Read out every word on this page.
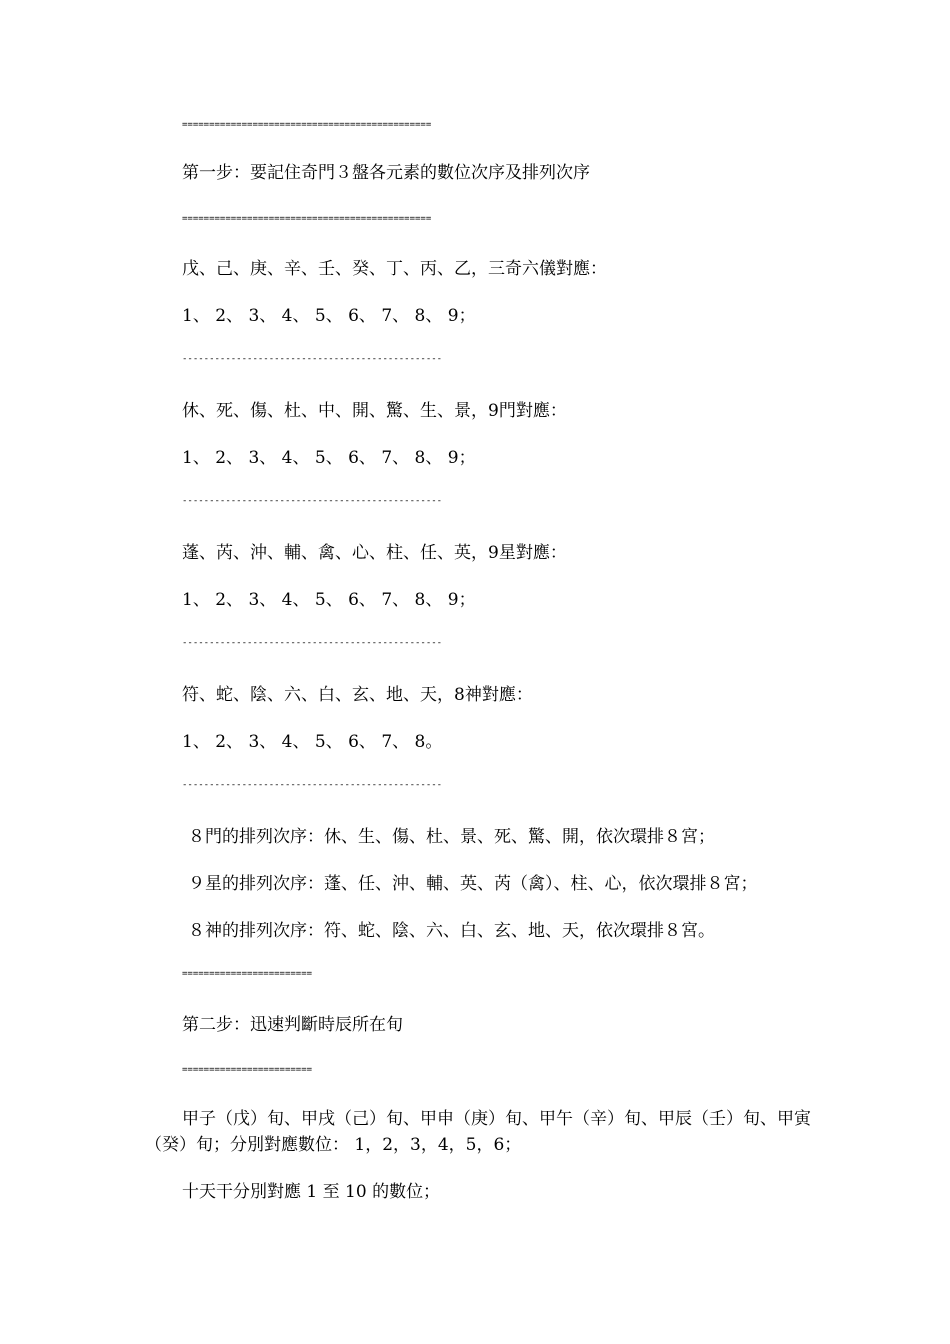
==============================================
第一步：要記住奇門３盤各元素的數位次序及排列次序
==============================================
戊、己、庚、辛、壬、癸、丁、丙、乙，三奇六儀對應：
1、 2、 3、 4、 5、 6、 7、 8、 9；
------------------------------------------------
休、死、傷、杜、中、開、驚、生、景，9門對應：
1、 2、 3、 4、 5、 6、 7、 8、 9；
------------------------------------------------
蓬、芮、沖、輔、禽、心、柱、任、英，9星對應：
1、 2、 3、 4、 5、 6、 7、 8、 9；
------------------------------------------------
符、蛇、陰、六、白、玄、地、天，8神對應：
1、 2、 3、 4、 5、 6、 7、 8。
------------------------------------------------
８門的排列次序：休、生、傷、杜、景、死、驚、開，依次環排８宮；
９星的排列次序：蓬、任、沖、輔、英、芮（禽）、柱、心，依次環排８宮；
８神的排列次序：符、蛇、陰、六、白、玄、地、天，依次環排８宮。
========================
第二步：迅速判斷時辰所在旬
========================
甲子（戊）旬、甲戌（己）旬、甲申（庚）旬、甲午（辛）旬、甲辰（壬）旬、甲寅（癸）旬；分別對應數位： 1，2，3，4，5，6；
十天干分別對應 1 至 10 的數位；
